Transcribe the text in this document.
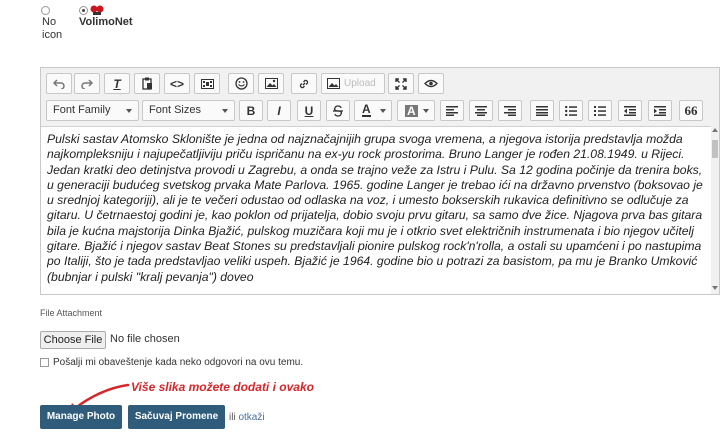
No
icon
VolimoNet
T	<>	Upload
Font Family	Font Sizes	B	I	U	A	A	66
Pulski sastav Atomsko Sklonište je jedna od najznačajnijih grupa svoga vremena, a njegova istorija predstavlja možda najkompleksniju i najupečatljiviju priču ispričanu na ex-yu rock prostorima. Bruno Langer je rođen 21.08.1949. u Rijeci. Jedan kratki deo detinjstva provodi u Zagrebu, a onda se trajno veže za Istru i Pulu. Sa 12 godina počinje da trenira boks, u generaciji budućeg svetskog prvaka Mate Parlova. 1965. godine Langer je trebao ići na državno prvenstvo (boksovao je u srednjoj kategoriji), ali je te večeri odustao od odlaska na voz, i umesto bokserskih rukavica definitivno se odlučuje za gitaru. U četrnaestoj godini je, kao poklon od prijatelja, dobio svoju prvu gitaru, sa samo dve žice. Njagova prva bas gitara bila je kućna majstorija Dinka Bjažić, pulskog muzičara koji mu je i otkrio svet električnih instrumenata i bio njegov učitelj gitare. Bjažić i njegov sastav Beat Stones su predstavljali pionire pulskog rock'n'rolla, a ostali su upamćeni i po nastupima po Italiji, što je tada predstavljao veliki uspeh. Bjažić je 1964. godine bio u potrazi za basistom, pa mu je Branko Umković (bubnjar i pulski "kralj pevanja") doveo
File Attachment
Choose File No file chosen
Pošalji mi obaveštenje kada neko odgovori na ovu temu.
Više slika možete dodati i ovako
Manage Photo	Sačuvaj Promene	ili otkaži
